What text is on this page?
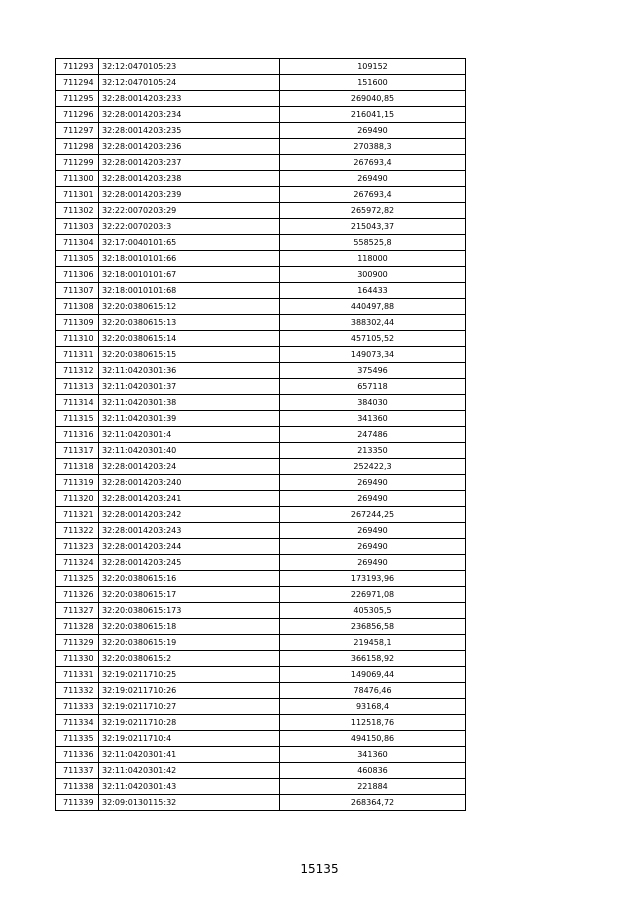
711293	32:12:0470105:23	109152
711294	32:12:0470105:24	151600
711295	32:28:0014203:233	269040,85
711296	32:28:0014203:234	216041,15
711297	32:28:0014203:235	269490
711298	32:28:0014203:236	270388,3
711299	32:28:0014203:237	267693,4
711300	32:28:0014203:238	269490
711301	32:28:0014203:239	267693,4
711302	32:22:0070203:29	265972,82
711303	32:22:0070203:3	215043,37
711304	32:17:0040101:65	558525,8
711305	32:18:0010101:66	118000
711306	32:18:0010101:67	300900
711307	32:18:0010101:68	164433
711308	32:20:0380615:12	440497,88
711309	32:20:0380615:13	388302,44
711310	32:20:0380615:14	457105,52
711311	32:20:0380615:15	149073,34
711312	32:11:0420301:36	375496
711313	32:11:0420301:37	657118
711314	32:11:0420301:38	384030
711315	32:11:0420301:39	341360
711316	32:11:0420301:4	247486
711317	32:11:0420301:40	213350
711318	32:28:0014203:24	252422,3
711319	32:28:0014203:240	269490
711320	32:28:0014203:241	269490
711321	32:28:0014203:242	267244,25
711322	32:28:0014203:243	269490
711323	32:28:0014203:244	269490
711324	32:28:0014203:245	269490
711325	32:20:0380615:16	173193,96
711326	32:20:0380615:17	226971,08
711327	32:20:0380615:173	405305,5
711328	32:20:0380615:18	236856,58
711329	32:20:0380615:19	219458,1
711330	32:20:0380615:2	366158,92
711331	32:19:0211710:25	149069,44
711332	32:19:0211710:26	78476,46
711333	32:19:0211710:27	93168,4
711334	32:19:0211710:28	112518,76
711335	32:19:0211710:4	494150,86
711336	32:11:0420301:41	341360
711337	32:11:0420301:42	460836
711338	32:11:0420301:43	221884
711339	32:09:0130115:32	268364,72
15135
